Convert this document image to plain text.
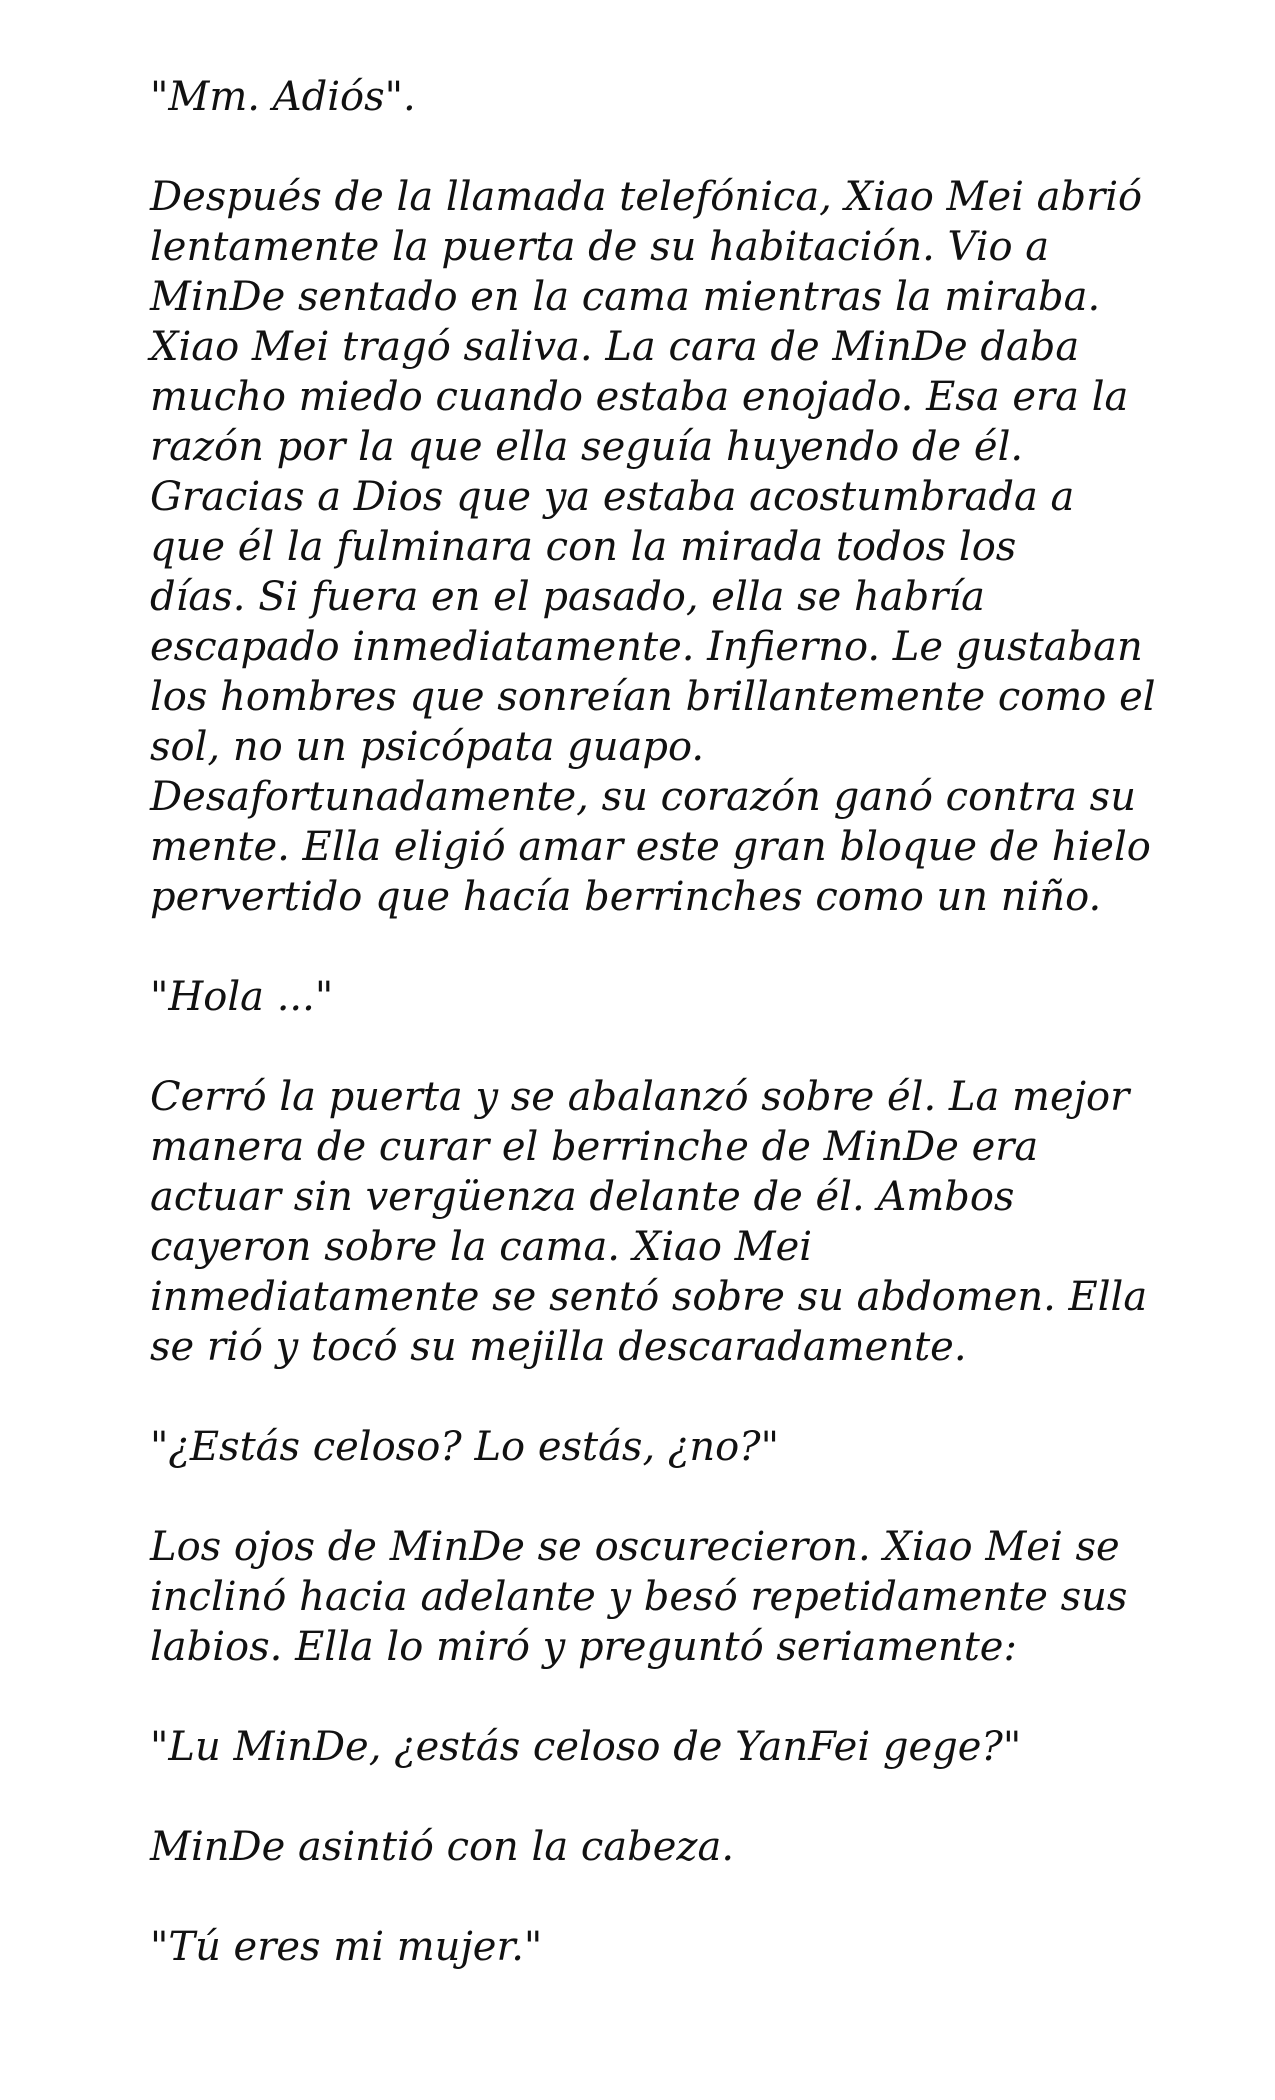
"Mm. Adiós".

Después de la llamada telefónica, Xiao Mei abrió
lentamente la puerta de su habitación. Vio a
MinDe sentado en la cama mientras la miraba.
Xiao Mei tragó saliva. La cara de MinDe daba
mucho miedo cuando estaba enojado. Esa era la
razón por la que ella seguía huyendo de él.
Gracias a Dios que ya estaba acostumbrada a
que él la fulminara con la mirada todos los
días. Si fuera en el pasado, ella se habría
escapado inmediatamente. Infierno. Le gustaban
los hombres que sonreían brillantemente como el
sol, no un psicópata guapo.
Desafortunadamente, su corazón ganó contra su
mente. Ella eligió amar este gran bloque de hielo
pervertido que hacía berrinches como un niño.

"Hola ..."

Cerró la puerta y se abalanzó sobre él. La mejor
manera de curar el berrinche de MinDe era
actuar sin vergüenza delante de él. Ambos
cayeron sobre la cama. Xiao Mei
inmediatamente se sentó sobre su abdomen. Ella
se rió y tocó su mejilla descaradamente.

"¿Estás celoso? Lo estás, ¿no?"

Los ojos de MinDe se oscurecieron. Xiao Mei se
inclinó hacia adelante y besó repetidamente sus
labios. Ella lo miró y preguntó seriamente:

"Lu MinDe, ¿estás celoso de YanFei gege?"

MinDe asintió con la cabeza.

"Tú eres mi mujer."
